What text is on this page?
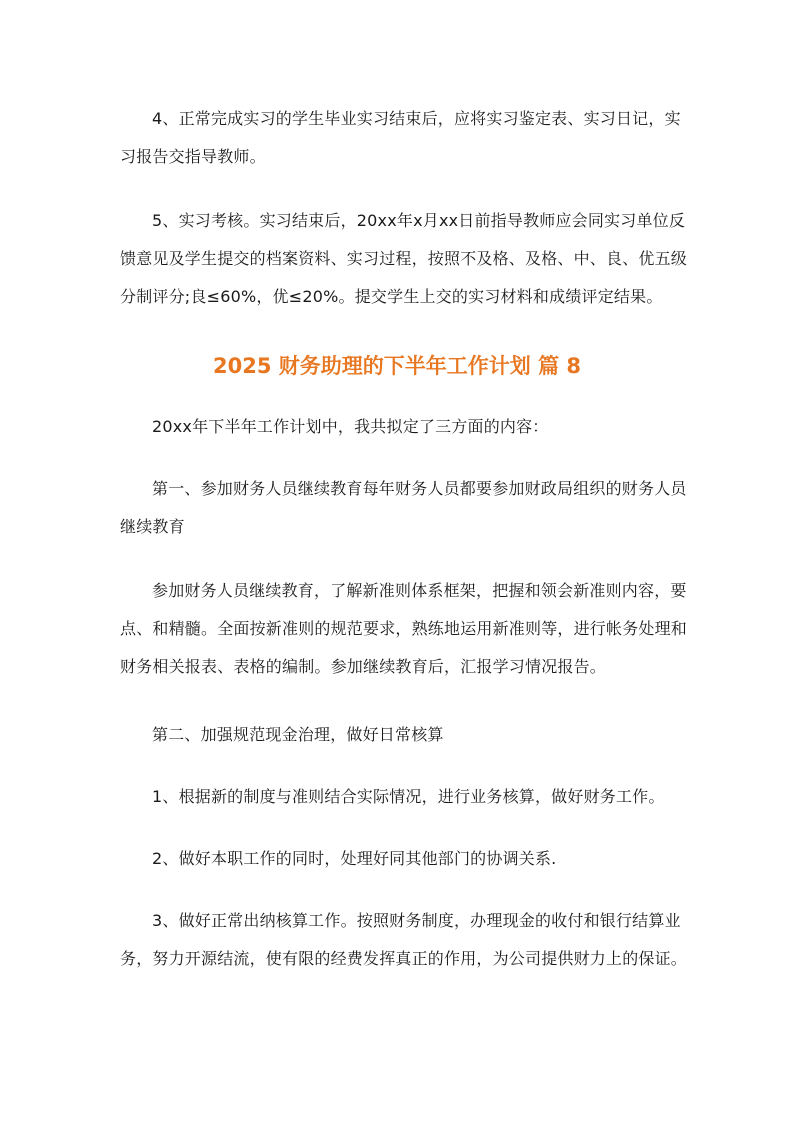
4、正常完成实习的学生毕业实习结束后，应将实习鉴定表、实习日记，实习报告交指导教师。

5、实习考核。实习结束后，20xx年x月xx日前指导教师应会同实习单位反馈意见及学生提交的档案资料、实习过程，按照不及格、及格、中、良、优五级分制评分;良≤60%，优≤20%。提交学生上交的实习材料和成绩评定结果。

2025 财务助理的下半年工作计划 篇 8

20xx年下半年工作计划中，我共拟定了三方面的内容：

第一、参加财务人员继续教育每年财务人员都要参加财政局组织的财务人员继续教育

参加财务人员继续教育，了解新准则体系框架，把握和领会新准则内容，要点、和精髓。全面按新准则的规范要求，熟练地运用新准则等，进行帐务处理和财务相关报表、表格的编制。参加继续教育后，汇报学习情况报告。

第二、加强规范现金治理，做好日常核算

1、根据新的制度与准则结合实际情况，进行业务核算，做好财务工作。

2、做好本职工作的同时，处理好同其他部门的协调关系.

3、做好正常出纳核算工作。按照财务制度，办理现金的收付和银行结算业务，努力开源结流，使有限的经费发挥真正的作用，为公司提供财力上的保证。
